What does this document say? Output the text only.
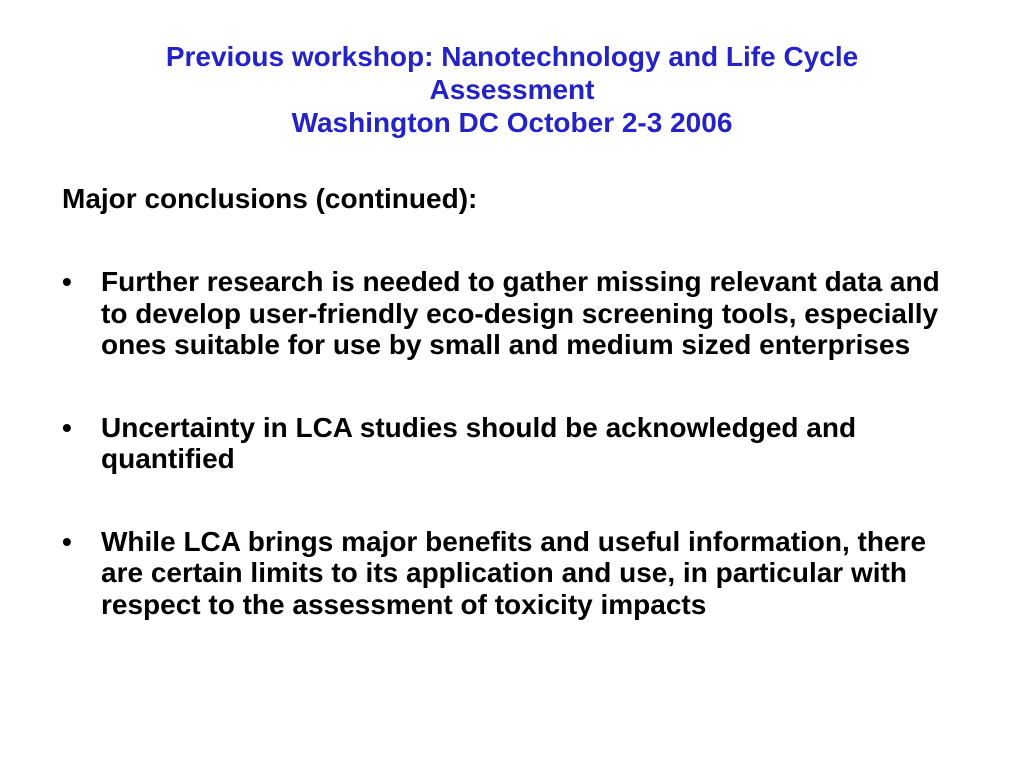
Previous workshop: Nanotechnology and Life Cycle
Assessment
Washington DC October 2-3 2006
Major conclusions (continued):
•	Further research is needed to gather missing relevant data and to develop user-friendly eco-design screening tools, especially ones suitable for use by small and medium sized enterprises
•	Uncertainty in LCA studies should be acknowledged and quantified
•	While LCA brings major benefits and useful information, there are certain limits to its application and use, in particular with respect to the assessment of toxicity impacts
